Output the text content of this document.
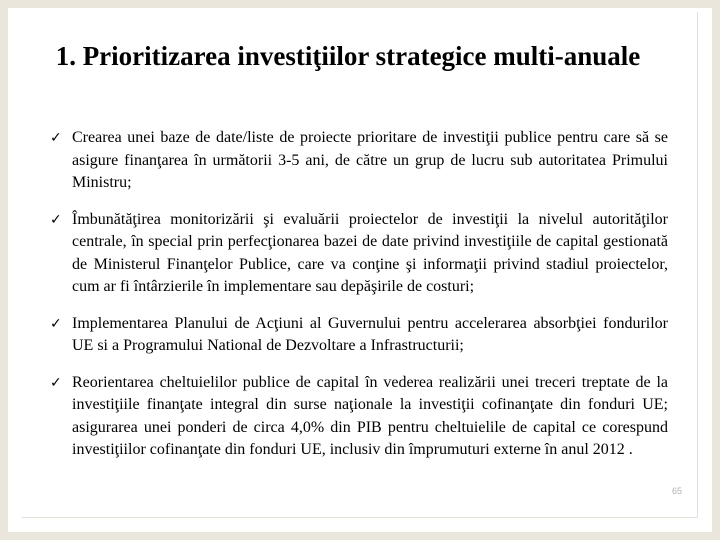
1. Prioritizarea investiţiilor strategice multi-anuale
✓ Crearea unei baze de date/liste de proiecte prioritare de investiţii publice pentru care să se asigure finanţarea în următorii 3-5 ani, de către un grup de lucru sub autoritatea Primului Ministru;
✓ Îmbunătăţirea monitorizării şi evaluării proiectelor de investiţii la nivelul autorităţilor centrale, în special prin perfecţionarea bazei de date privind investiţiile de capital gestionată de Ministerul Finanţelor Publice, care va conţine şi informaţii privind stadiul proiectelor, cum ar fi întârzierile în implementare sau depăşirile de costuri;
✓ Implementarea Planului de Acţiuni al Guvernului pentru accelerarea absorbţiei fondurilor UE si a Programului National de Dezvoltare a Infrastructurii;
✓ Reorientarea cheltuielilor publice de capital în vederea realizării unei treceri treptate de la investiţiile finanţate integral din surse naţionale la investiţii cofinanţate din fonduri UE; asigurarea unei ponderi de circa 4,0% din PIB pentru cheltuielile de capital ce corespund investiţiilor cofinanţate din fonduri UE, inclusiv din împrumuturi externe în anul 2012 .
65
